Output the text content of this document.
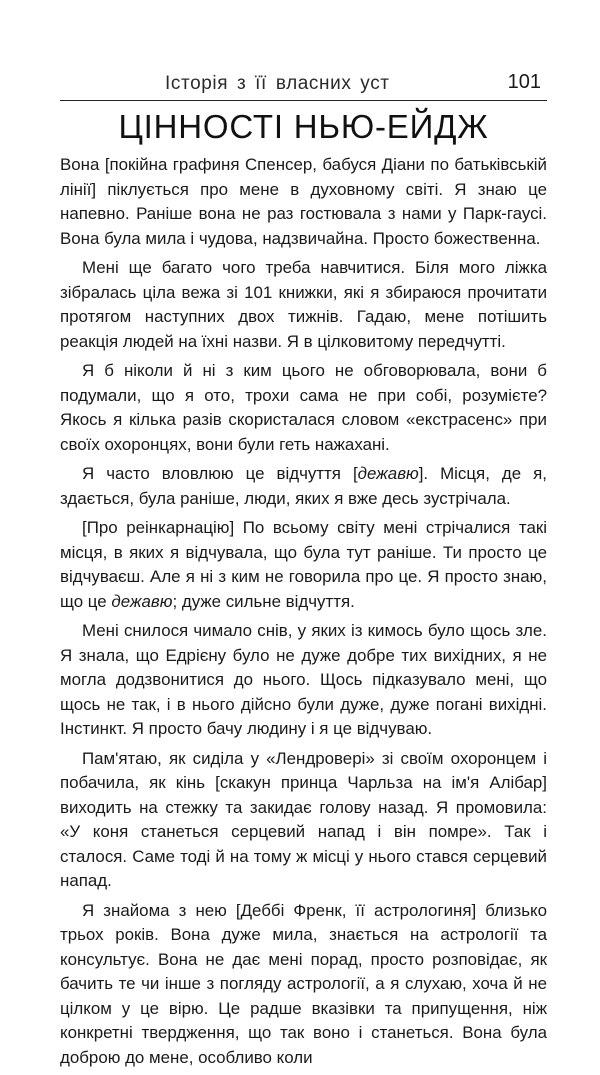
Історія з її власних уст	101
ЦІННОСТІ НЬЮ-ЕЙДЖ

Вона [покійна графиня Спенсер, бабуся Діани по батьківській лінії] піклується про мене в духовному світі. Я знаю це напевно. Раніше вона не раз гостювала з нами у Парк-гаусі. Вона була мила і чудова, надзвичайна. Просто божественна.

Мені ще багато чого треба навчитися. Біля мого ліжка зібралась ціла вежа зі 101 книжки, які я збираюся прочитати протягом наступних двох тижнів. Гадаю, мене потішить реакція людей на їхні назви. Я в цілковитому передчутті.

Я б ніколи й ні з ким цього не обговорювала, вони б подумали, що я ото, трохи сама не при собі, розумієте? Якось я кілька разів скористалася словом «екстрасенс» при своїх охоронцях, вони були геть нажахані.

Я часто вловлюю це відчуття [дежавю]. Місця, де я, здається, була раніше, люди, яких я вже десь зустрічала.

[Про реінкарнацію] По всьому світу мені стрічалися такі місця, в яких я відчувала, що була тут раніше. Ти просто це відчуваєш. Але я ні з ким не говорила про це. Я просто знаю, що це дежавю; дуже сильне відчуття.

Мені снилося чимало снів, у яких із кимось було щось зле. Я знала, що Едрієну було не дуже добре тих вихідних, я не могла додзвонитися до нього. Щось підказувало мені, що щось не так, і в нього дійсно були дуже, дуже погані вихідні. Інстинкт. Я просто бачу людину і я це відчуваю.

Пам'ятаю, як сиділа у «Лендровері» зі своїм охоронцем і побачила, як кінь [скакун принца Чарльза на ім'я Алібар] виходить на стежку та закидає голову назад. Я промовила: «У коня станеться серцевий напад і він помре». Так і сталося. Саме тоді й на тому ж місці у нього стався серцевий напад.

Я знайома з нею [Деббі Френк, її астрологиня] близько трьох років. Вона дуже мила, знається на астрології та консультує. Вона не дає мені порад, просто розповідає, як бачить те чи інше з погляду астрології, а я слухаю, хоча й не цілком у це вірю. Це радше вказівки та припущення, ніж конкретні твердження, що так воно і станеться. Вона була доброю до мене, особливо коли
